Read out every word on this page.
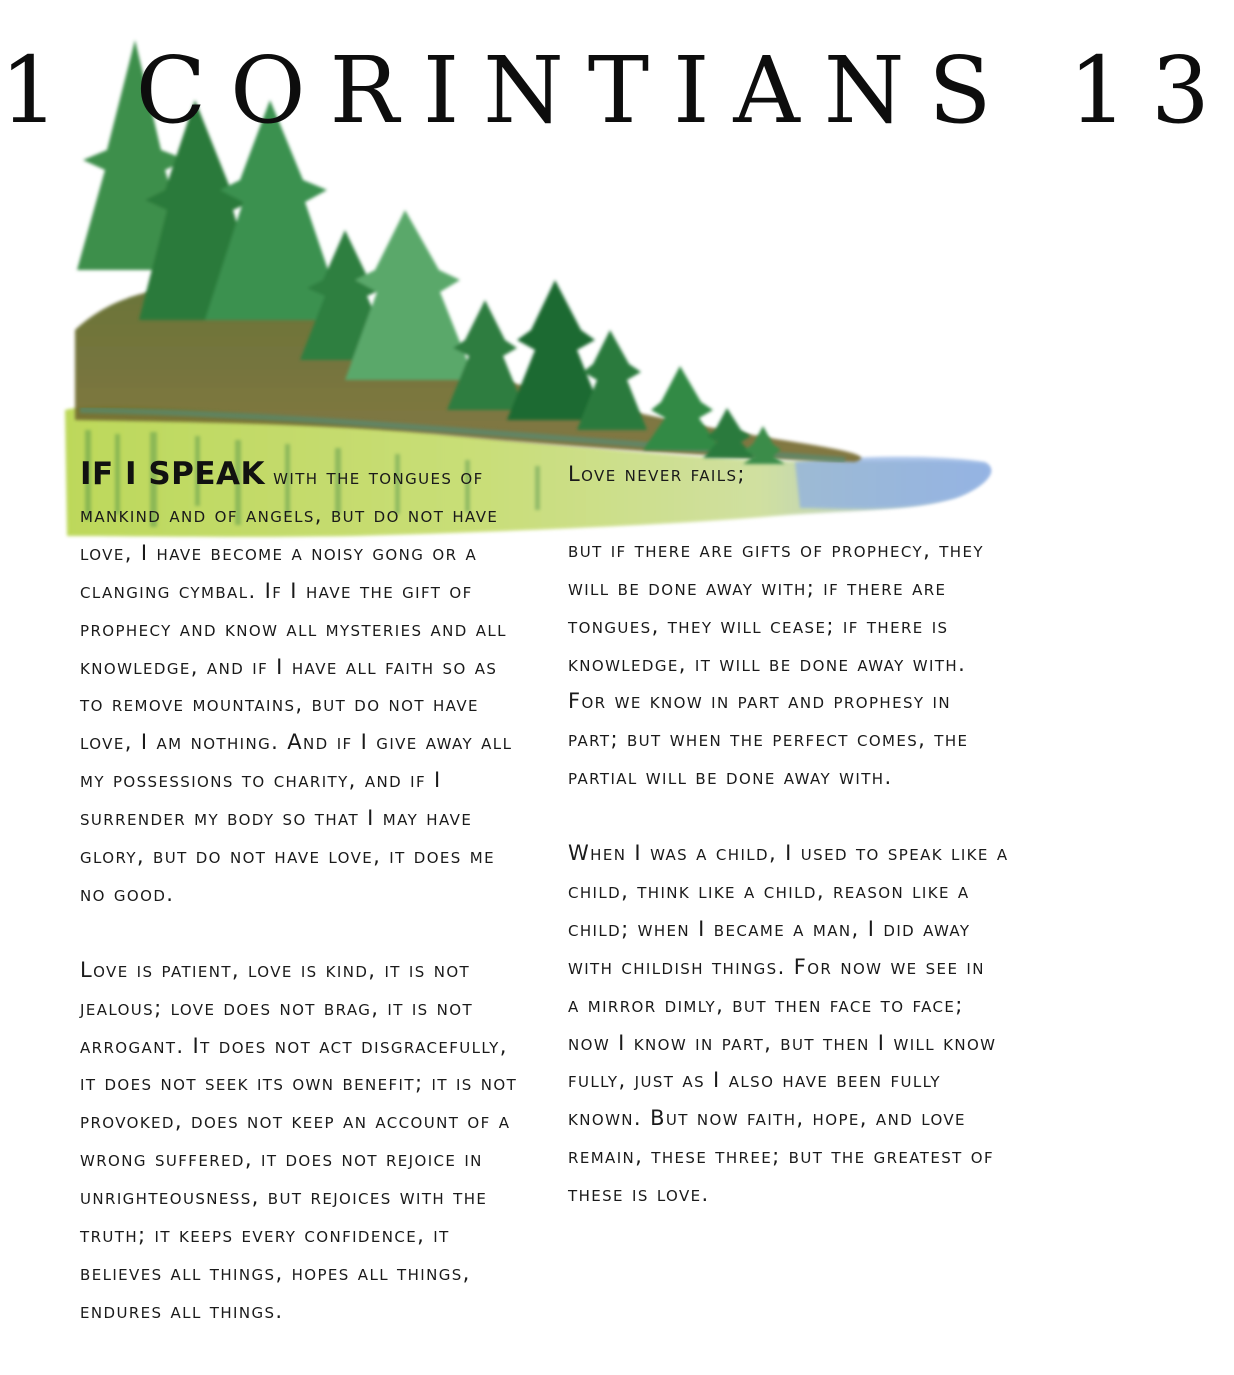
1 CORINTIANS 13
IF I SPEAK with the tongues of
mankind and of angels, but do not have
love, I have become a noisy gong or a
clanging cymbal. If I have the gift of
prophecy and know all mysteries and all
knowledge, and if I have all faith so as
to remove mountains, but do not have
love, I am nothing. And if I give away all
my possessions to charity, and if I
surrender my body so that I may have
glory, but do not have love, it does me
no good.
Love is patient, love is kind, it is not
jealous; love does not brag, it is not
arrogant. It does not act disgracefully,
it does not seek its own benefit; it is not
provoked, does not keep an account of a
wrong suffered, it does not rejoice in
unrighteousness, but rejoices with the
truth; it keeps every confidence, it
believes all things, hopes all things,
endures all things.
Love never fails;

but if there are gifts of prophecy, they
will be done away with; if there are
tongues, they will cease; if there is
knowledge, it will be done away with.
For we know in part and prophesy in
part; but when the perfect comes, the
partial will be done away with.
When I was a child, I used to speak like a
child, think like a child, reason like a
child; when I became a man, I did away
with childish things. For now we see in
a mirror dimly, but then face to face;
now I know in part, but then I will know
fully, just as I also have been fully
known. But now faith, hope, and love
remain, these three; but the greatest of
these is love.
